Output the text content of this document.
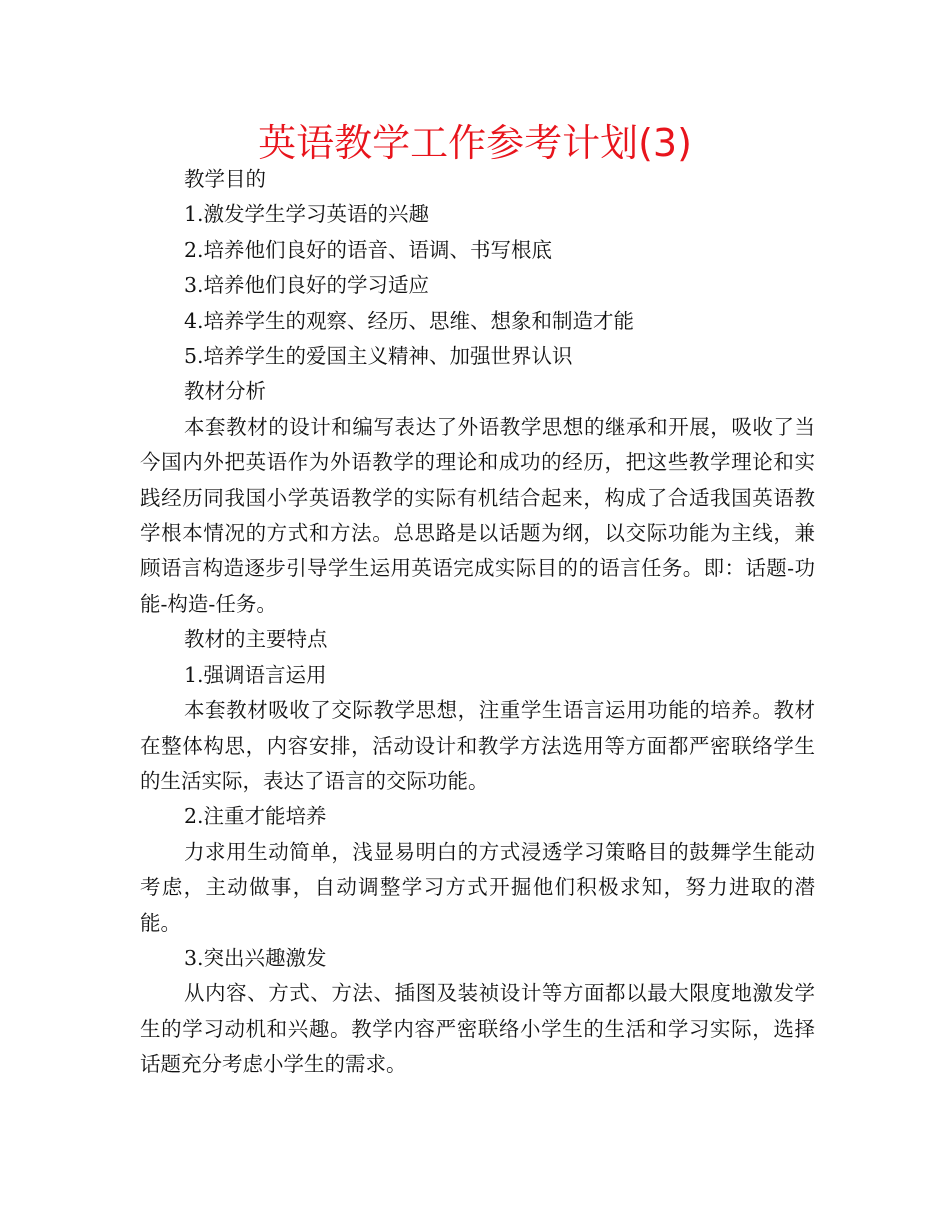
英语教学工作参考计划(3)

教学目的

1.激发学生学习英语的兴趣

2.培养他们良好的语音、语调、书写根底

3.培养他们良好的学习适应

4.培养学生的观察、经历、思维、想象和制造才能

5.培养学生的爱国主义精神、加强世界认识

教材分析

本套教材的设计和编写表达了外语教学思想的继承和开展，吸收了当今国内外把英语作为外语教学的理论和成功的经历，把这些教学理论和实践经历同我国小学英语教学的实际有机结合起来，构成了合适我国英语教学根本情况的方式和方法。总思路是以话题为纲，以交际功能为主线，兼顾语言构造逐步引导学生运用英语完成实际目的的语言任务。即：话题-功能-构造-任务。

教材的主要特点

1.强调语言运用

本套教材吸收了交际教学思想，注重学生语言运用功能的培养。教材在整体构思，内容安排，活动设计和教学方法选用等方面都严密联络学生的生活实际，表达了语言的交际功能。

2.注重才能培养

力求用生动简单，浅显易明白的方式浸透学习策略目的鼓舞学生能动考虑，主动做事，自动调整学习方式开掘他们积极求知，努力进取的潜能。

3.突出兴趣激发

从内容、方式、方法、插图及装祯设计等方面都以最大限度地激发学生的学习动机和兴趣。教学内容严密联络小学生的生活和学习实际，选择话题充分考虑小学生的需求。
